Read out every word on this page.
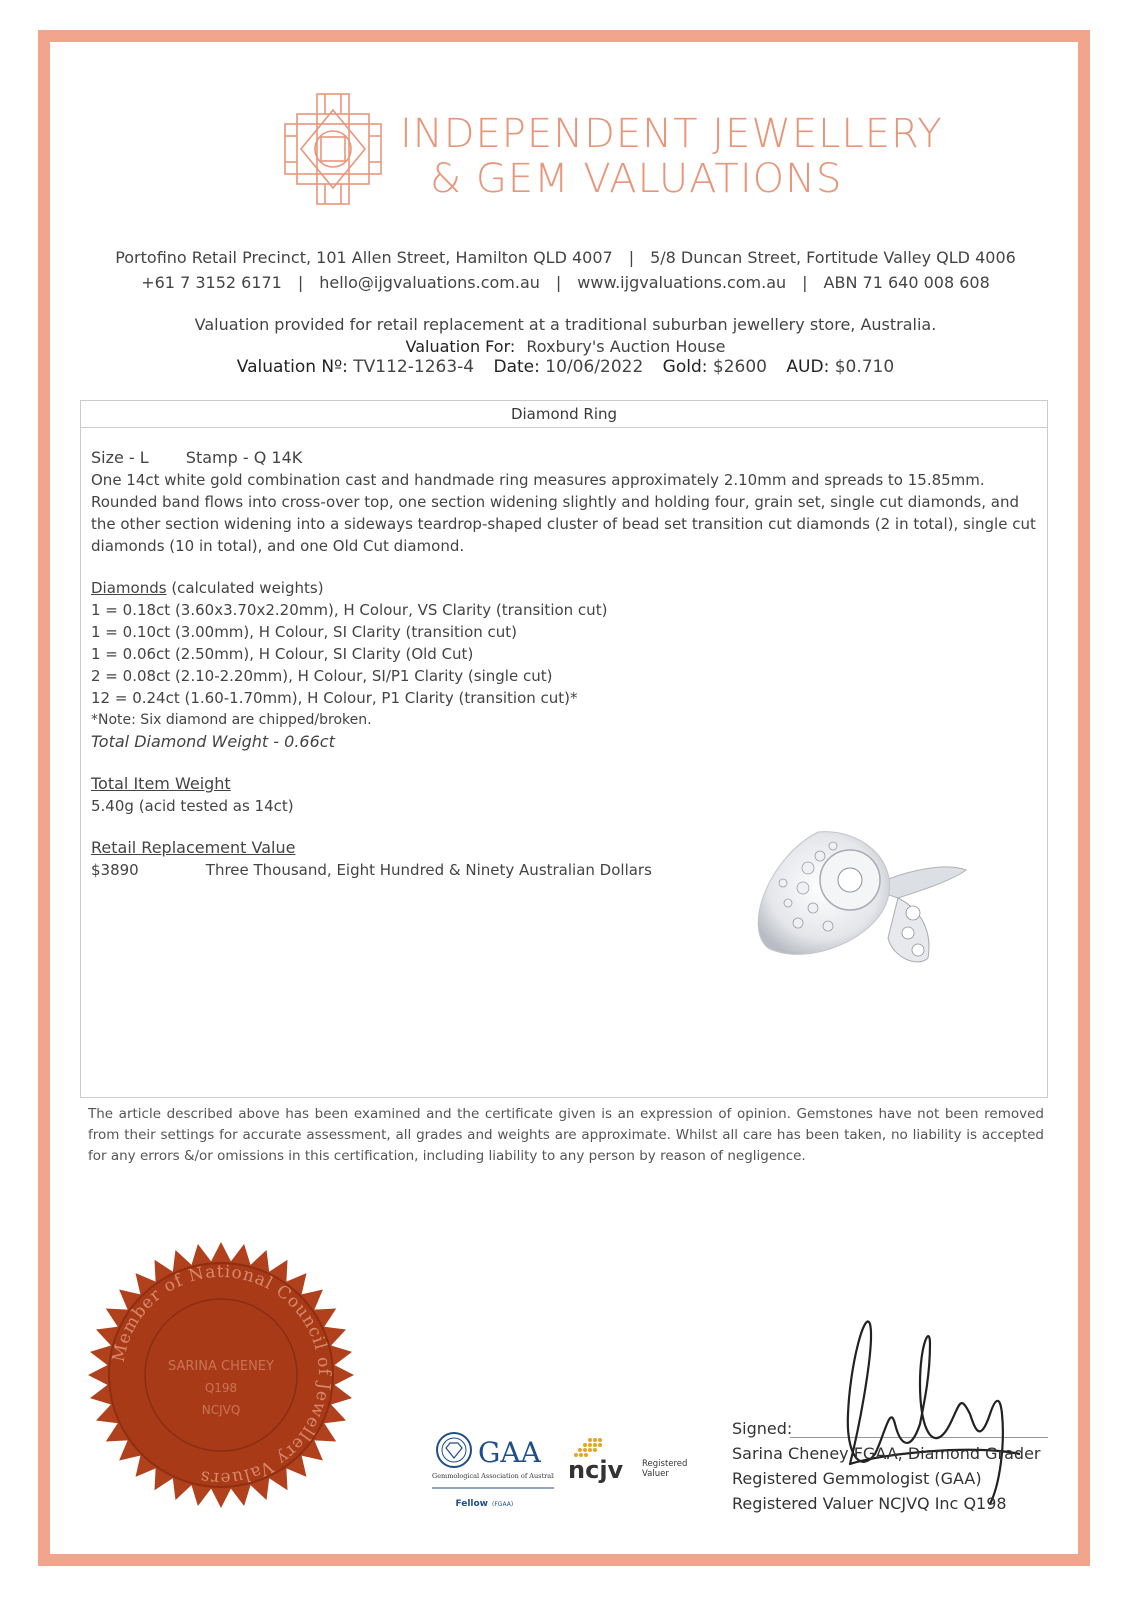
INDEPENDENT JEWELLERY
& GEM VALUATIONS
Portofino Retail Precinct, 101 Allen Street, Hamilton QLD 4007 | 5/8 Duncan Street, Fortitude Valley QLD 4006
+61 7 3152 6171 | hello@ijgvaluations.com.au | www.ijgvaluations.com.au | ABN 71 640 008 608
Valuation provided for retail replacement at a traditional suburban jewellery store, Australia.
Valuation For: Roxbury's Auction House
Valuation Nº: TV112-1263-4 Date: 10/06/2022 Gold: $2600 AUD: $0.710
Diamond Ring
Size - L Stamp - Q 14K
One 14ct white gold combination cast and handmade ring measures approximately 2.10mm and spreads to 15.85mm. Rounded band flows into cross-over top, one section widening slightly and holding four, grain set, single cut diamonds, and the other section widening into a sideways teardrop-shaped cluster of bead set transition cut diamonds (2 in total), single cut diamonds (10 in total), and one Old Cut diamond.
Diamonds (calculated weights)
1 = 0.18ct (3.60x3.70x2.20mm), H Colour, VS Clarity (transition cut)
1 = 0.10ct (3.00mm), H Colour, SI Clarity (transition cut)
1 = 0.06ct (2.50mm), H Colour, SI Clarity (Old Cut)
2 = 0.08ct (2.10-2.20mm), H Colour, SI/P1 Clarity (single cut)
12 = 0.24ct (1.60-1.70mm), H Colour, P1 Clarity (transition cut)*
*Note: Six diamond are chipped/broken.
Total Diamond Weight - 0.66ct
Total Item Weight
5.40g (acid tested as 14ct)
Retail Replacement Value
$3890	Three Thousand, Eight Hundred & Ninety Australian Dollars
The article described above has been examined and the certificate given is an expression of opinion. Gemstones have not been removed from their settings for accurate assessment, all grades and weights are approximate. Whilst all care has been taken, no liability is accepted for any errors &/or omissions in this certification, including liability to any person by reason of negligence.
Member of National Council of Jewellery Valuers
SARINA CHENEY
Q198
NCJVQ
GAA
Gemmological Association of Australia
Fellow (FGAA)
ncjv Registered
Valuer
Signed:
Sarina Cheney FGAA, Diamond Grader
Registered Gemmologist (GAA)
Registered Valuer NCJVQ Inc Q198
